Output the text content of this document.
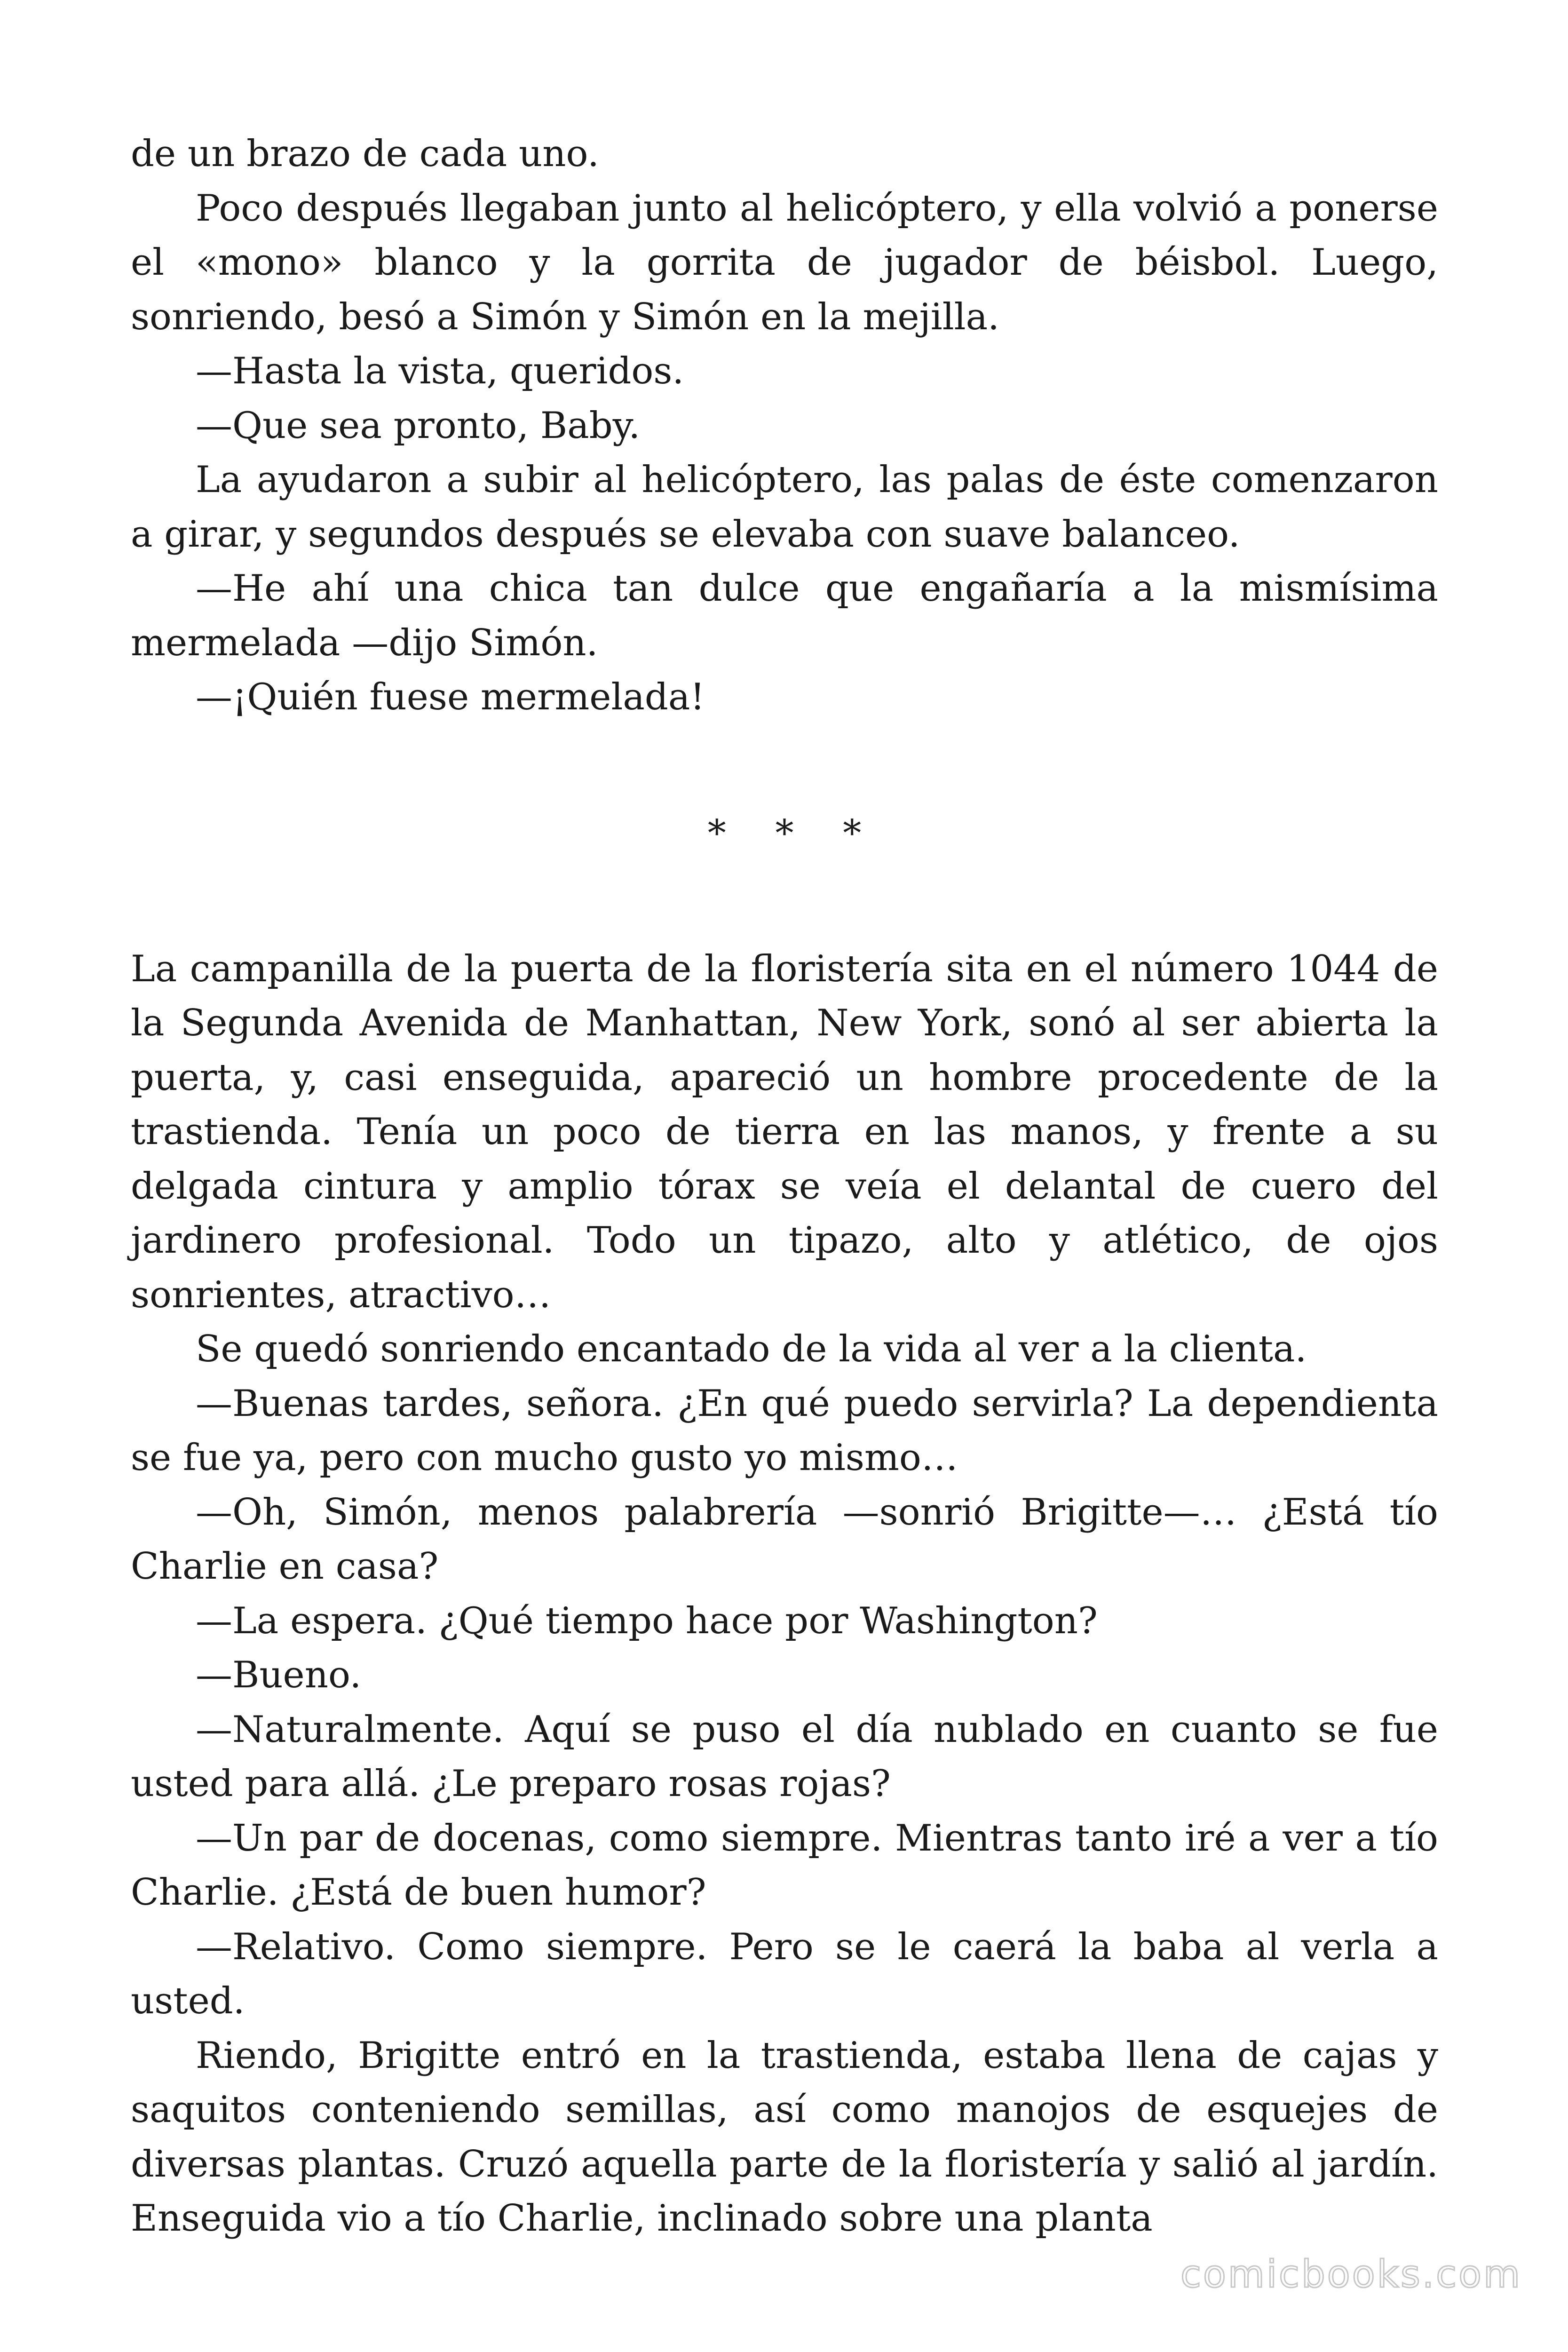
de un brazo de cada uno.

Poco después llegaban junto al helicóptero, y ella volvió a ponerse el «mono» blanco y la gorrita de jugador de béisbol. Luego, sonriendo, besó a Simón y Simón en la mejilla.

—Hasta la vista, queridos.

—Que sea pronto, Baby.

La ayudaron a subir al helicóptero, las palas de éste comenzaron a girar, y segundos después se elevaba con suave balanceo.

—He ahí una chica tan dulce que engañaría a la mismísima mermelada —dijo Simón.

—¡Quién fuese mermelada!

* * *

La campanilla de la puerta de la floristería sita en el número 1044 de la Segunda Avenida de Manhattan, New York, sonó al ser abierta la puerta, y, casi enseguida, apareció un hombre procedente de la trastienda. Tenía un poco de tierra en las manos, y frente a su delgada cintura y amplio tórax se veía el delantal de cuero del jardinero profesional. Todo un tipazo, alto y atlético, de ojos sonrientes, atractivo…

Se quedó sonriendo encantado de la vida al ver a la clienta.

—Buenas tardes, señora. ¿En qué puedo servirla? La dependienta se fue ya, pero con mucho gusto yo mismo…

—Oh, Simón, menos palabrería —sonrió Brigitte—… ¿Está tío Charlie en casa?

—La espera. ¿Qué tiempo hace por Washington?

—Bueno.

—Naturalmente. Aquí se puso el día nublado en cuanto se fue usted para allá. ¿Le preparo rosas rojas?

—Un par de docenas, como siempre. Mientras tanto iré a ver a tío Charlie. ¿Está de buen humor?

—Relativo. Como siempre. Pero se le caerá la baba al verla a usted.

Riendo, Brigitte entró en la trastienda, estaba llena de cajas y saquitos conteniendo semillas, así como manojos de esquejes de diversas plantas. Cruzó aquella parte de la floristería y salió al jardín. Enseguida vio a tío Charlie, inclinado sobre una planta

comicbooks.com
